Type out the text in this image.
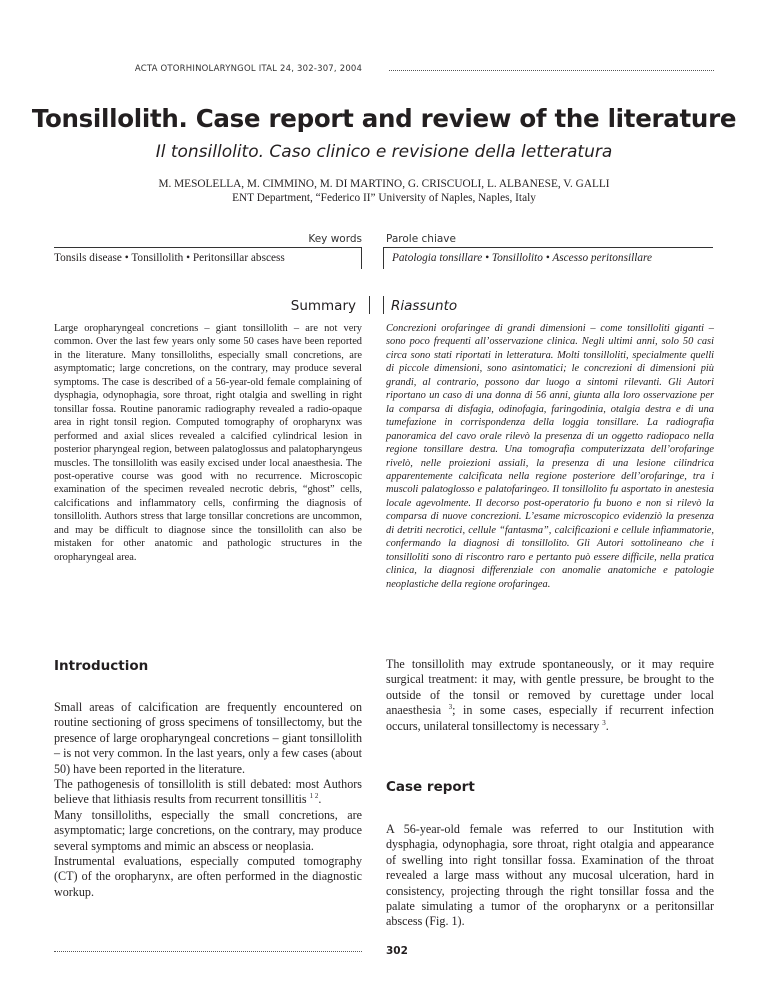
ACTA OTORHINOLARYNGOL ITAL 24, 302-307, 2004
Tonsillolith. Case report and review of the literature
Il tonsillolito. Caso clinico e revisione della letteratura
M. MESOLELLA, M. CIMMINO, M. DI MARTINO, G. CRISCUOLI, L. ALBANESE, V. GALLI
ENT Department, “Federico II” University of Naples, Naples, Italy
Key words Parole chiave
Tonsils disease • Tonsillolith • Peritonsillar abscess	Patologia tonsillare • Tonsillolito • Ascesso peritonsillare
Summary	Riassunto
Large oropharyngeal concretions – giant tonsillolith – are not very common. Over the last few years only some 50 cases have been reported in the literature. Many tonsilloliths, especially small concretions, are asymptomatic; large concretions, on the contrary, may produce several symptoms. The case is described of a 56-year-old female complaining of dysphagia, odynophagia, sore throat, right otalgia and swelling in right tonsillar fossa. Routine panoramic radiography revealed a radio-opaque area in right tonsil region. Computed tomography of oropharynx was performed and axial slices revealed a calcified cylindrical lesion in posterior pharyngeal region, between palatoglossus and palatopharyngeus muscles. The tonsillolith was easily excised under local anaesthesia. The post-operative course was good with no recurrence. Microscopic examination of the specimen revealed necrotic debris, “ghost” cells, calcifications and inflammatory cells, confirming the diagnosis of tonsillolith. Authors stress that large tonsillar concretions are uncommon, and may be difficult to diagnose since the tonsillolith can also be mistaken for other anatomic and pathologic structures in the oropharyngeal area.
Concrezioni orofaringee di grandi dimensioni – come tonsilloliti giganti – sono poco frequenti all’osservazione clinica. Negli ultimi anni, solo 50 casi circa sono stati riportati in letteratura. Molti tonsilloliti, specialmente quelli di piccole dimensioni, sono asintomatici; le concrezioni di dimensioni più grandi, al contrario, possono dar luogo a sintomi rilevanti. Gli Autori riportano un caso di una donna di 56 anni, giunta alla loro osservazione per la comparsa di disfagia, odinofagia, faringodinia, otalgia destra e di una tumefazione in corrispondenza della loggia tonsillare. La radiografia panoramica del cavo orale rilevò la presenza di un oggetto radiopaco nella regione tonsillare destra. Una tomografia computerizzata dell’orofaringe rivelò, nelle proiezioni assiali, la presenza di una lesione cilindrica apparentemente calcificata nella regione posteriore dell’orofaringe, tra i muscoli palatoglosso e palatofaringeo. Il tonsillolito fu asportato in anestesia locale agevolmente. Il decorso post-operatorio fu buono e non si rilevò la comparsa di nuove concrezioni. L’esame microscopico evidenziò la presenza di detriti necrotici, cellule “fantasma”, calcificazioni e cellule infiammatorie, confermando la diagnosi di tonsillolito. Gli Autori sottolineano che i tonsilloliti sono di riscontro raro e pertanto può essere difficile, nella pratica clinica, la diagnosi differenziale con anomalie anatomiche e patologie neoplastiche della regione orofaringea.
Introduction

Small areas of calcification are frequently encountered on routine sectioning of gross specimens of tonsillectomy, but the presence of large oropharyngeal concretions – giant tonsillolith – is not very common. In the last years, only a few cases (about 50) have been reported in the literature.

The pathogenesis of tonsillolith is still debated: most Authors believe that lithiasis results from recurrent tonsillitis $^{1 2}$.

Many tonsilloliths, especially the small concretions, are asymptomatic; large concretions, on the contrary, may produce several symptoms and mimic an abscess or neoplasia.

Instrumental evaluations, especially computed tomography (CT) of the oropharynx, are often performed in the diagnostic workup.

The tonsillolith may extrude spontaneously, or it may require surgical treatment: it may, with gentle pressure, be brought to the outside of the tonsil or removed by curettage under local anaesthesia $^3$; in some cases, especially if recurrent infection occurs, unilateral tonsillectomy is necessary $^3$.

Case report

A 56-year-old female was referred to our Institution with dysphagia, odynophagia, sore throat, right otalgia and appearance of swelling into right tonsillar fossa. Examination of the throat revealed a large mass without any mucosal ulceration, hard in consistency, projecting through the right tonsillar fossa and the palate simulating a tumor of the oropharynx or a peritonsillar abscess (Fig. 1).

302
